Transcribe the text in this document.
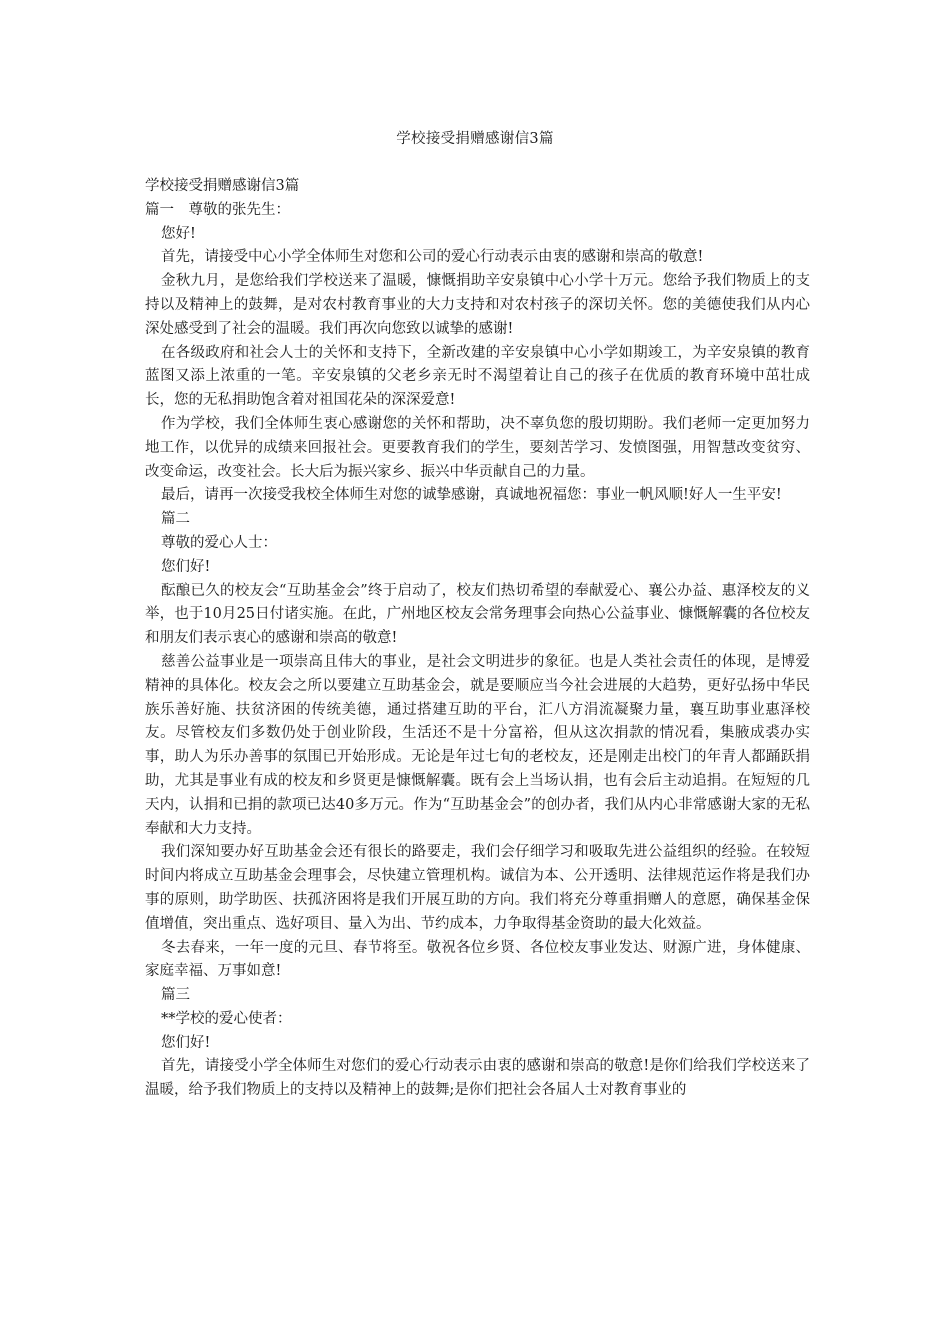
学校接受捐赠感谢信3篇

学校接受捐赠感谢信3篇

篇一　尊敬的张先生：

您好!

首先，请接受中心小学全体师生对您和公司的爱心行动表示由衷的感谢和崇高的敬意!

金秋九月，是您给我们学校送来了温暖，慷慨捐助辛安泉镇中心小学十万元。您给予我们物质上的支持以及精神上的鼓舞，是对农村教育事业的大力支持和对农村孩子的深切关怀。您的美德使我们从内心深处感受到了社会的温暖。我们再次向您致以诚挚的感谢!

在各级政府和社会人士的关怀和支持下，全新改建的辛安泉镇中心小学如期竣工，为辛安泉镇的教育蓝图又添上浓重的一笔。辛安泉镇的父老乡亲无时不渴望着让自己的孩子在优质的教育环境中茁壮成长，您的无私捐助饱含着对祖国花朵的深深爱意!

作为学校，我们全体师生衷心感谢您的关怀和帮助，决不辜负您的殷切期盼。我们老师一定更加努力地工作，以优异的成绩来回报社会。更要教育我们的学生，要刻苦学习、发愤图强，用智慧改变贫穷、改变命运，改变社会。长大后为振兴家乡、振兴中华贡献自己的力量。

最后，请再一次接受我校全体师生对您的诚挚感谢，真诚地祝福您：事业一帆风顺!好人一生平安!

篇二

尊敬的爱心人士：

您们好!

酝酿已久的校友会“互助基金会”终于启动了，校友们热切希望的奉献爱心、襄公办益、惠泽校友的义举，也于10月25日付诸实施。在此，广州地区校友会常务理事会向热心公益事业、慷慨解囊的各位校友和朋友们表示衷心的感谢和崇高的敬意!

慈善公益事业是一项崇高且伟大的事业，是社会文明进步的象征。也是人类社会责任的体现，是博爱精神的具体化。校友会之所以要建立互助基金会，就是要顺应当今社会进展的大趋势，更好弘扬中华民族乐善好施、扶贫济困的传统美德，通过搭建互助的平台，汇八方涓流凝聚力量，襄互助事业惠泽校友。尽管校友们多数仍处于创业阶段，生活还不是十分富裕，但从这次捐款的情况看，集腋成裘办实事，助人为乐办善事的氛围已开始形成。无论是年过七旬的老校友，还是刚走出校门的年青人都踊跃捐助，尤其是事业有成的校友和乡贤更是慷慨解囊。既有会上当场认捐，也有会后主动追捐。在短短的几天内，认捐和已捐的款项已达40多万元。作为“互助基金会”的创办者，我们从内心非常感谢大家的无私奉献和大力支持。

我们深知要办好互助基金会还有很长的路要走，我们会仔细学习和吸取先进公益组织的经验。在较短时间内将成立互助基金会理事会，尽快建立管理机构。诚信为本、公开透明、法律规范运作将是我们办事的原则，助学助医、扶孤济困将是我们开展互助的方向。我们将充分尊重捐赠人的意愿，确保基金保值增值，突出重点、选好项目、量入为出、节约成本，力争取得基金资助的最大化效益。

冬去春来，一年一度的元旦、春节将至。敬祝各位乡贤、各位校友事业发达、财源广进，身体健康、家庭幸福、万事如意!

篇三

**学校的爱心使者：

您们好!

首先，请接受小学全体师生对您们的爱心行动表示由衷的感谢和崇高的敬意!是你们给我们学校送来了温暖，给予我们物质上的支持以及精神上的鼓舞;是你们把社会各届人士对教育事业的
